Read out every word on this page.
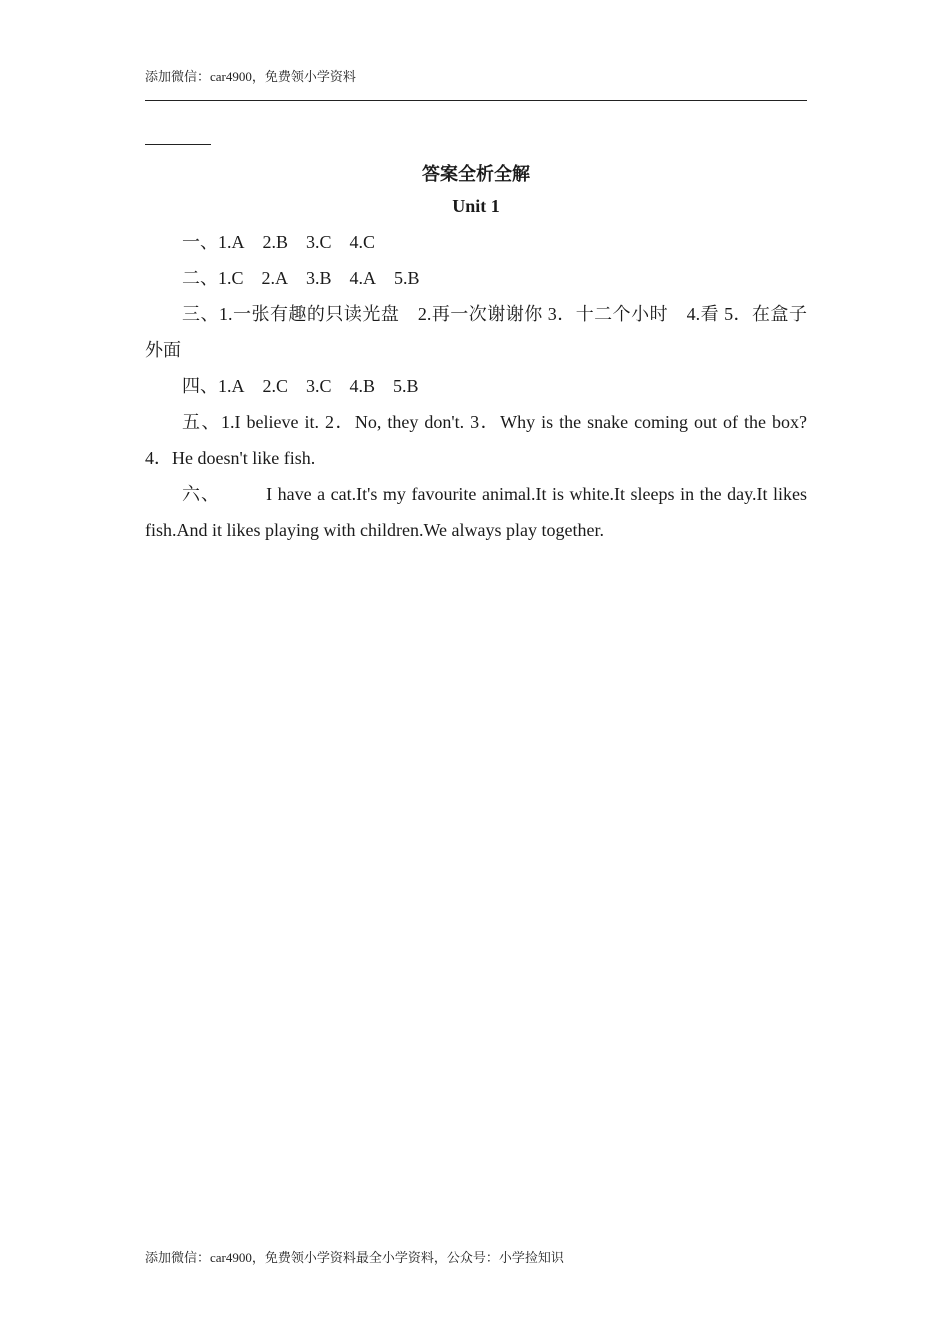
添加微信：car4900，免费领小学资料
答案全析全解
Unit 1

一、1.A 2.B 3.C 4.C

二、1.C 2.A 3.B 4.A 5.B

三、1.一张有趣的只读光盘　2.再一次谢谢你 3．十二个小时　4.看 5．在盒子外面

四、1.A 2.C 3.C 4.B 5.B

五、1.I believe it. 2．No, they don't. 3．Why is the snake coming out of the box? 4．He doesn't like fish.

六、	I have a cat.It's my favourite animal.It is white.It sleeps in the day.It likes fish.And it likes playing with children.We always play together.

添加微信：car4900，免费领小学资料最全小学资料，公众号：小学捡知识
